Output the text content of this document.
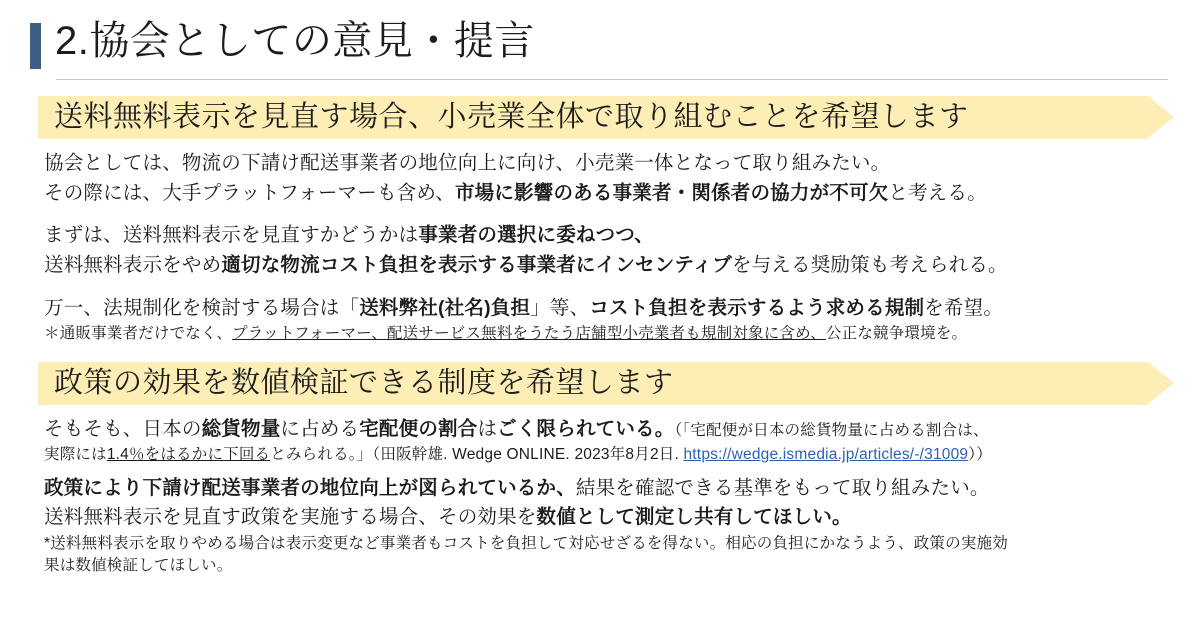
2.協会としての意見・提言
送料無料表示を見直す場合、小売業全体で取り組むことを希望します
協会としては、物流の下請け配送事業者の地位向上に向け、小売業一体となって取り組みたい。
その際には、大手プラットフォーマーも含め、市場に影響のある事業者・関係者の協力が不可欠と考える。
まずは、送料無料表示を見直すかどうかは事業者の選択に委ねつつ、
送料無料表示をやめ適切な物流コスト負担を表示する事業者にインセンティブを与える奨励策も考えられる。
万一、法規制化を検討する場合は「送料弊社(社名)負担」等、コスト負担を表示するよう求める規制を希望。
＊通販事業者だけでなく、プラットフォーマー、配送サービス無料をうたう店舗型小売業者も規制対象に含め、公正な競争環境を。
政策の効果を数値検証できる制度を希望します
そもそも、日本の総貨物量に占める宅配便の割合はごく限られている。（「宅配便が日本の総貨物量に占める割合は、
実際には1.4％をはるかに下回るとみられる。」（田阪幹雄. Wedge ONLINE. 2023年8月2日. https://wedge.ismedia.jp/articles/-/31009））
政策により下請け配送事業者の地位向上が図られているか、結果を確認できる基準をもって取り組みたい。
送料無料表示を見直す政策を実施する場合、その効果を数値として測定し共有してほしい。
*送料無料表示を取りやめる場合は表示変更など事業者もコストを負担して対応せざるを得ない。相応の負担にかなうよう、政策の実施効
果は数値検証してほしい。
